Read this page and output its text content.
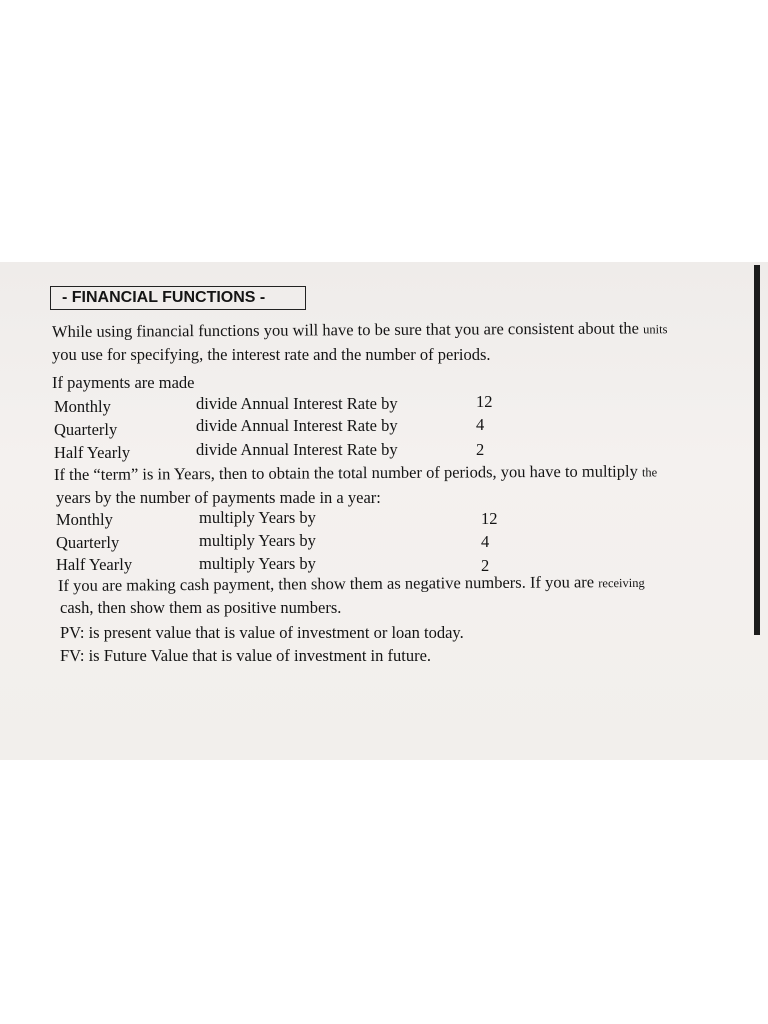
- FINANCIAL FUNCTIONS -
While using financial functions you will have to be sure that you are consistent about the units
you use for specifying, the interest rate and the number of periods.
If payments are made
Monthly	divide Annual Interest Rate by	12
Quarterly	divide Annual Interest Rate by	4
Half Yearly	divide Annual Interest Rate by	2
If the “term” is in Years, then to obtain the total number of periods, you have to multiply the
years by the number of payments made in a year:
Monthly	multiply Years by	12
Quarterly	multiply Years by	4
Half Yearly	multiply Years by	2
If you are making cash payment, then show them as negative numbers. If you are receiving
cash, then show them as positive numbers.
PV: is present value that is value of investment or loan today.
FV: is Future Value that is value of investment in future.
